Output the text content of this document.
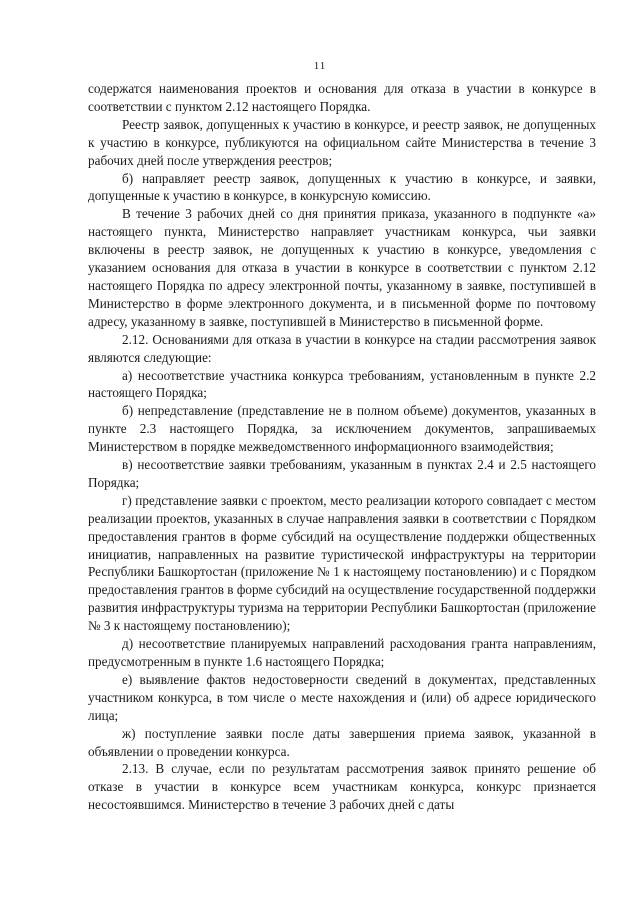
11

содержатся наименования проектов и основания для отказа в участии в конкурсе в соответствии с пунктом 2.12 настоящего Порядка.

Реестр заявок, допущенных к участию в конкурсе, и реестр заявок, не допущенных к участию в конкурсе, публикуются на официальном сайте Министерства в течение 3 рабочих дней после утверждения реестров;

б) направляет реестр заявок, допущенных к участию в конкурсе, и заявки, допущенные к участию в конкурсе, в конкурсную комиссию.

В течение 3 рабочих дней со дня принятия приказа, указанного в подпункте «а» настоящего пункта, Министерство направляет участникам конкурса, чьи заявки включены в реестр заявок, не допущенных к участию в конкурсе, уведомления с указанием основания для отказа в участии в конкурсе в соответствии с пунктом 2.12 настоящего Порядка по адресу электронной почты, указанному в заявке, поступившей в Министерство в форме электронного документа, и в письменной форме по почтовому адресу, указанному в заявке, поступившей в Министерство в письменной форме.

2.12. Основаниями для отказа в участии в конкурсе на стадии рассмотрения заявок являются следующие:

а) несоответствие участника конкурса требованиям, установленным в пункте 2.2 настоящего Порядка;

б) непредставление (представление не в полном объеме) документов, указанных в пункте 2.3 настоящего Порядка, за исключением документов, запрашиваемых Министерством в порядке межведомственного информационного взаимодействия;

в) несоответствие заявки требованиям, указанным в пунктах 2.4 и 2.5 настоящего Порядка;

г) представление заявки с проектом, место реализации которого совпадает с местом реализации проектов, указанных в случае направления заявки в соответствии с Порядком предоставления грантов в форме субсидий на осуществление поддержки общественных инициатив, направленных на развитие туристической инфраструктуры на территории Республики Башкортостан (приложение № 1 к настоящему постановлению) и с Порядком предоставления грантов в форме субсидий на осуществление государственной поддержки развития инфраструктуры туризма на территории Республики Башкортостан (приложение № 3 к настоящему постановлению);

д) несоответствие планируемых направлений расходования гранта направлениям, предусмотренным в пункте 1.6 настоящего Порядка;

е) выявление фактов недостоверности сведений в документах, представленных участником конкурса, в том числе о месте нахождения и (или) об адресе юридического лица;

ж) поступление заявки после даты завершения приема заявок, указанной в объявлении о проведении конкурса.

2.13. В случае, если по результатам рассмотрения заявок принято решение об отказе в участии в конкурсе всем участникам конкурса, конкурс признается несостоявшимся. Министерство в течение 3 рабочих дней с даты
